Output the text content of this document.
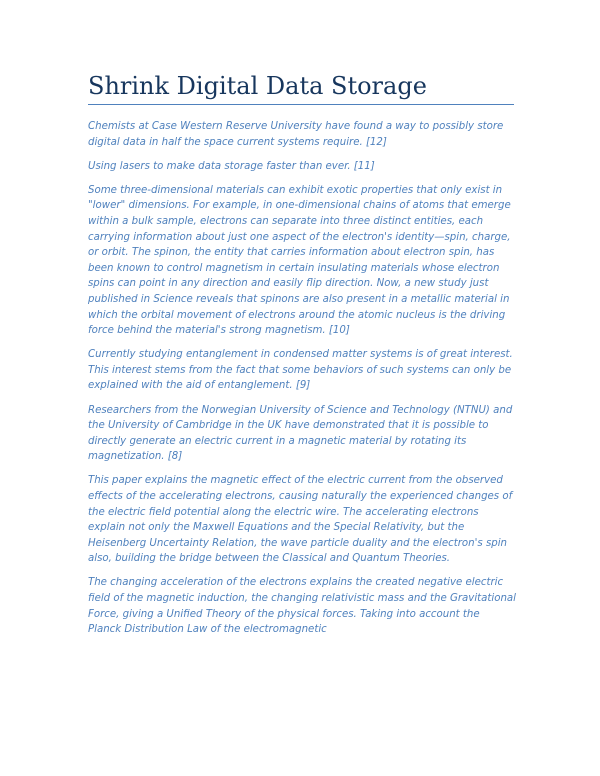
Shrink Digital Data Storage

Chemists at Case Western Reserve University have found a way to possibly store digital data in half the space current systems require. [12]

Using lasers to make data storage faster than ever. [11]

Some three-dimensional materials can exhibit exotic properties that only exist in "lower" dimensions. For example, in one-dimensional chains of atoms that emerge within a bulk sample, electrons can separate into three distinct entities, each carrying information about just one aspect of the electron's identity—spin, charge, or orbit. The spinon, the entity that carries information about electron spin, has been known to control magnetism in certain insulating materials whose electron spins can point in any direction and easily flip direction. Now, a new study just published in Science reveals that spinons are also present in a metallic material in which the orbital movement of electrons around the atomic nucleus is the driving force behind the material's strong magnetism. [10]

Currently studying entanglement in condensed matter systems is of great interest. This interest stems from the fact that some behaviors of such systems can only be explained with the aid of entanglement. [9]

Researchers from the Norwegian University of Science and Technology (NTNU) and the University of Cambridge in the UK have demonstrated that it is possible to directly generate an electric current in a magnetic material by rotating its magnetization. [8]

This paper explains the magnetic effect of the electric current from the observed effects of the accelerating electrons, causing naturally the experienced changes of the electric field potential along the electric wire. The accelerating electrons explain not only the Maxwell Equations and the Special Relativity, but the Heisenberg Uncertainty Relation, the wave particle duality and the electron's spin also, building the bridge between the Classical and Quantum Theories.

The changing acceleration of the electrons explains the created negative electric field of the magnetic induction, the changing relativistic mass and the Gravitational Force, giving a Unified Theory of the physical forces. Taking into account the Planck Distribution Law of the electromagnetic
